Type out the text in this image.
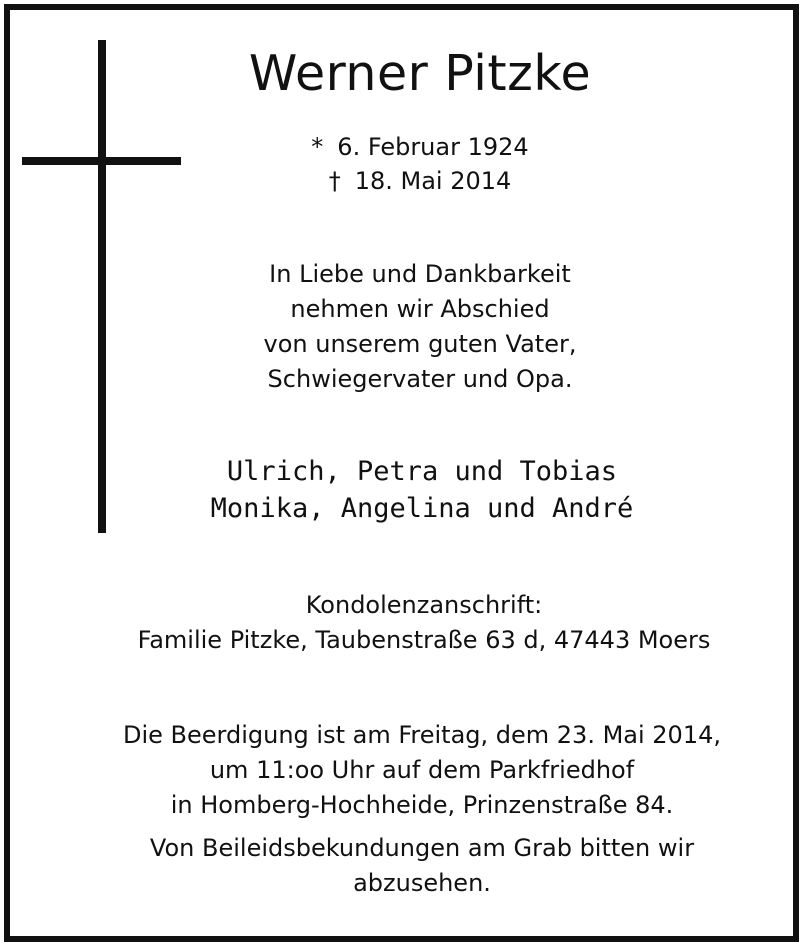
Werner Pitzke
* 6. Februar 1924
† 18. Mai 2014
In Liebe und Dankbarkeit
nehmen wir Abschied
von unserem guten Vater,
Schwiegervater und Opa.
Ulrich, Petra und Tobias
Monika, Angelina und André
Kondolenzanschrift:
Familie Pitzke, Taubenstraße 63 d, 47443 Moers
Die Beerdigung ist am Freitag, dem 23. Mai 2014,
um 11:oo Uhr auf dem Parkfriedhof
in Homberg-Hochheide, Prinzenstraße 84.
Von Beileidsbekundungen am Grab bitten wir
abzusehen.
